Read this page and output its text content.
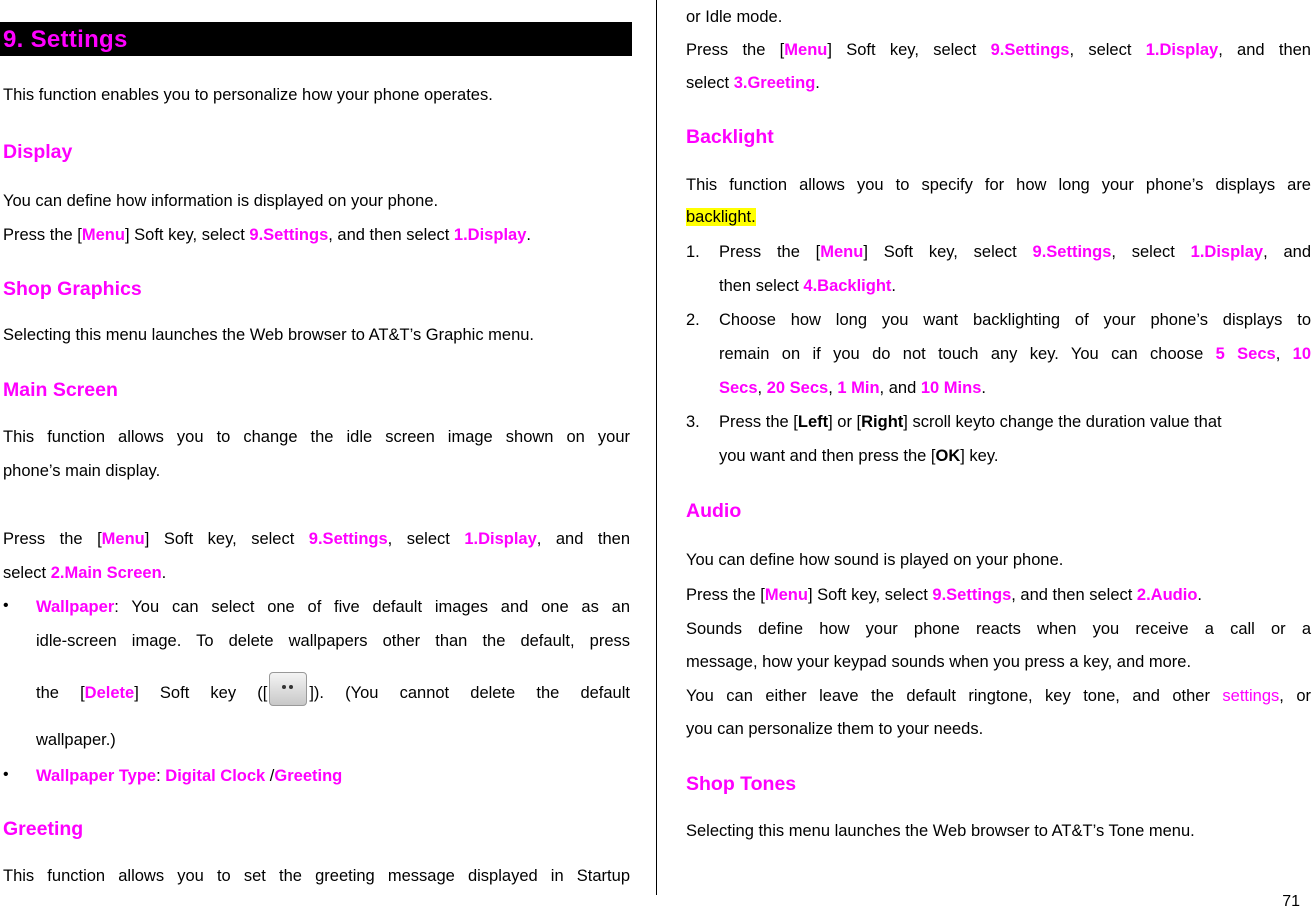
9. Settings
This function enables you to personalize how your phone operates.
Display
You can define how information is displayed on your phone.
Press the [Menu] Soft key, select 9.Settings, and then select 1.Display.
Shop Graphics
Selecting this menu launches the Web browser to AT&T’s Graphic menu.
Main Screen
This function allows you to change the idle screen image shown on your
phone’s main display.
Press the [Menu] Soft key, select 9.Settings, select 1.Display, and then
select 2.Main Screen.
• Wallpaper: You can select one of five default images and one as an
idle-screen image. To delete wallpapers other than the default, press
the [Delete] Soft key ([	]). (You cannot delete the default
wallpaper.)
• Wallpaper Type: Digital Clock /Greeting
Greeting
This function allows you to set the greeting message displayed in Startup
or Idle mode.
Press the [Menu] Soft key, select 9.Settings, select 1.Display, and then
select 3.Greeting.
Backlight
This function allows you to specify for how long your phone’s displays are
backlight.
1. Press the [Menu] Soft key, select 9.Settings, select 1.Display, and
then select 4.Backlight.
2. Choose how long you want backlighting of your phone’s displays to
remain on if you do not touch any key. You can choose 5 Secs, 10
Secs, 20 Secs, 1 Min, and 10 Mins.
3. Press the [Left] or [Right] scroll keyto change the duration value that
you want and then press the [OK] key.
Audio
You can define how sound is played on your phone.
Press the [Menu] Soft key, select 9.Settings, and then select 2.Audio.
Sounds define how your phone reacts when you receive a call or a
message, how your keypad sounds when you press a key, and more.
You can either leave the default ringtone, key tone, and other settings, or
you can personalize them to your needs.
Shop Tones
Selecting this menu launches the Web browser to AT&T’s Tone menu.
71
